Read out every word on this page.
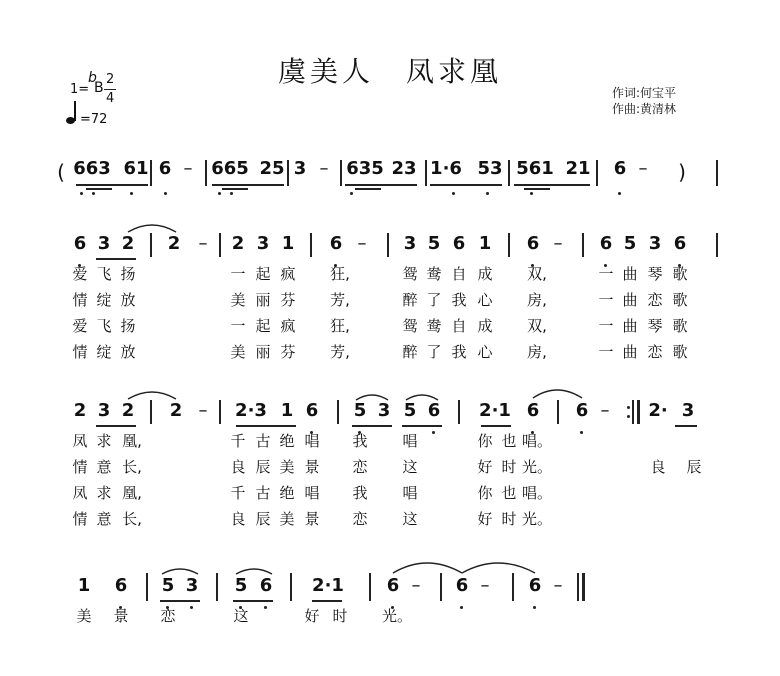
虞美人　凤求凰
1=
b
B
2
4
=72
作词:何宝平
作曲:黄清林
( 663 61 6 – 665 25 3 – 635 23 1·6 53 561 21 6 – )
6 3 2 2 – 2 3 1 6 – 3 5 6 1 6 – 6 5 3 6
爱 飞 扬	一 起 疯 狂,	鸳 鸯 自 成 双,	一 曲 琴 歌
情 绽 放	美 丽 芬 芳,	醉 了 我 心 房,	一 曲 恋 歌
爱 飞 扬	一 起 疯 狂,	鸳 鸯 自 成 双,	一 曲 琴 歌
情 绽 放	美 丽 芬 芳,	醉 了 我 心 房,	一 曲 恋 歌
2 3 2 2 – 2·3 1 6 5 3 5 6 2·1 6 6 – 2· 3
凤 求 凰,	千 古 绝 唱 我 唱	你 也 唱。
情 意 长,	良 辰 美 景 恋 这	好 时 光。	良 辰
凤 求 凰,	千 古 绝 唱 我 唱	你 也 唱。
情 意 长,	良 辰 美 景 恋 这	好 时 光。
1 6 5 3 5 6 2·1 6 – 6 – 6 –
美 景 恋	这	好 时 光。
